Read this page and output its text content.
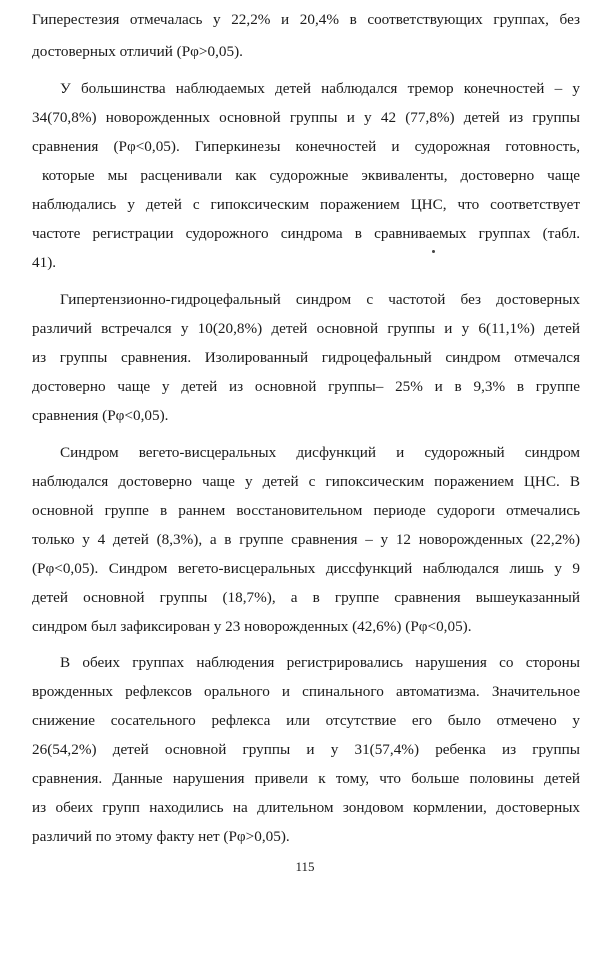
Гиперестезия отмечалась у 22,2% и 20,4% в соответствующих группах, без
достоверных отличий (Рφ>0,05).
У большинства наблюдаемых детей наблюдался тремор конечностей – у
34(70,8%) новорожденных основной группы и у 42 (77,8%) детей из группы
сравнения (Рφ<0,05). Гиперкинезы конечностей и судорожная готовность,
которые мы расценивали как судорожные эквиваленты, достоверно чаще
наблюдались у детей с гипоксическим поражением ЦНС, что соответствует
частоте регистрации судорожного синдрома в сравниваемых группах (табл.
41).
Гипертензионно-гидроцефальный синдром с частотой без достоверных
различий встречался у 10(20,8%) детей основной группы и у 6(11,1%) детей
из группы сравнения. Изолированный гидроцефальный синдром отмечался
достоверно чаще у детей из основной группы– 25% и в 9,3% в группе
сравнения (Рφ<0,05).
Синдром вегето-висцеральных дисфункций и судорожный синдром
наблюдался достоверно чаще у детей с гипоксическим поражением ЦНС. В
основной группе в раннем восстановительном периоде судороги отмечались
только у 4 детей (8,3%), а в группе сравнения – у 12 новорожденных (22,2%)
(Рφ<0,05). Синдром вегето-висцеральных диссфункций наблюдался лишь у 9
детей основной группы (18,7%), а в группе сравнения вышеуказанный
синдром был зафиксирован у 23 новорожденных (42,6%) (Рφ<0,05).
В обеих группах наблюдения регистрировались нарушения со стороны
врожденных рефлексов орального и спинального автоматизма. Значительное
снижение сосательного рефлекса или отсутствие его было отмечено у
26(54,2%) детей основной группы и у 31(57,4%) ребенка из группы
сравнения. Данные нарушения привели к тому, что больше половины детей
из обеих групп находились на длительном зондовом кормлении, достоверных
различий по этому факту нет (Рφ>0,05).
115
